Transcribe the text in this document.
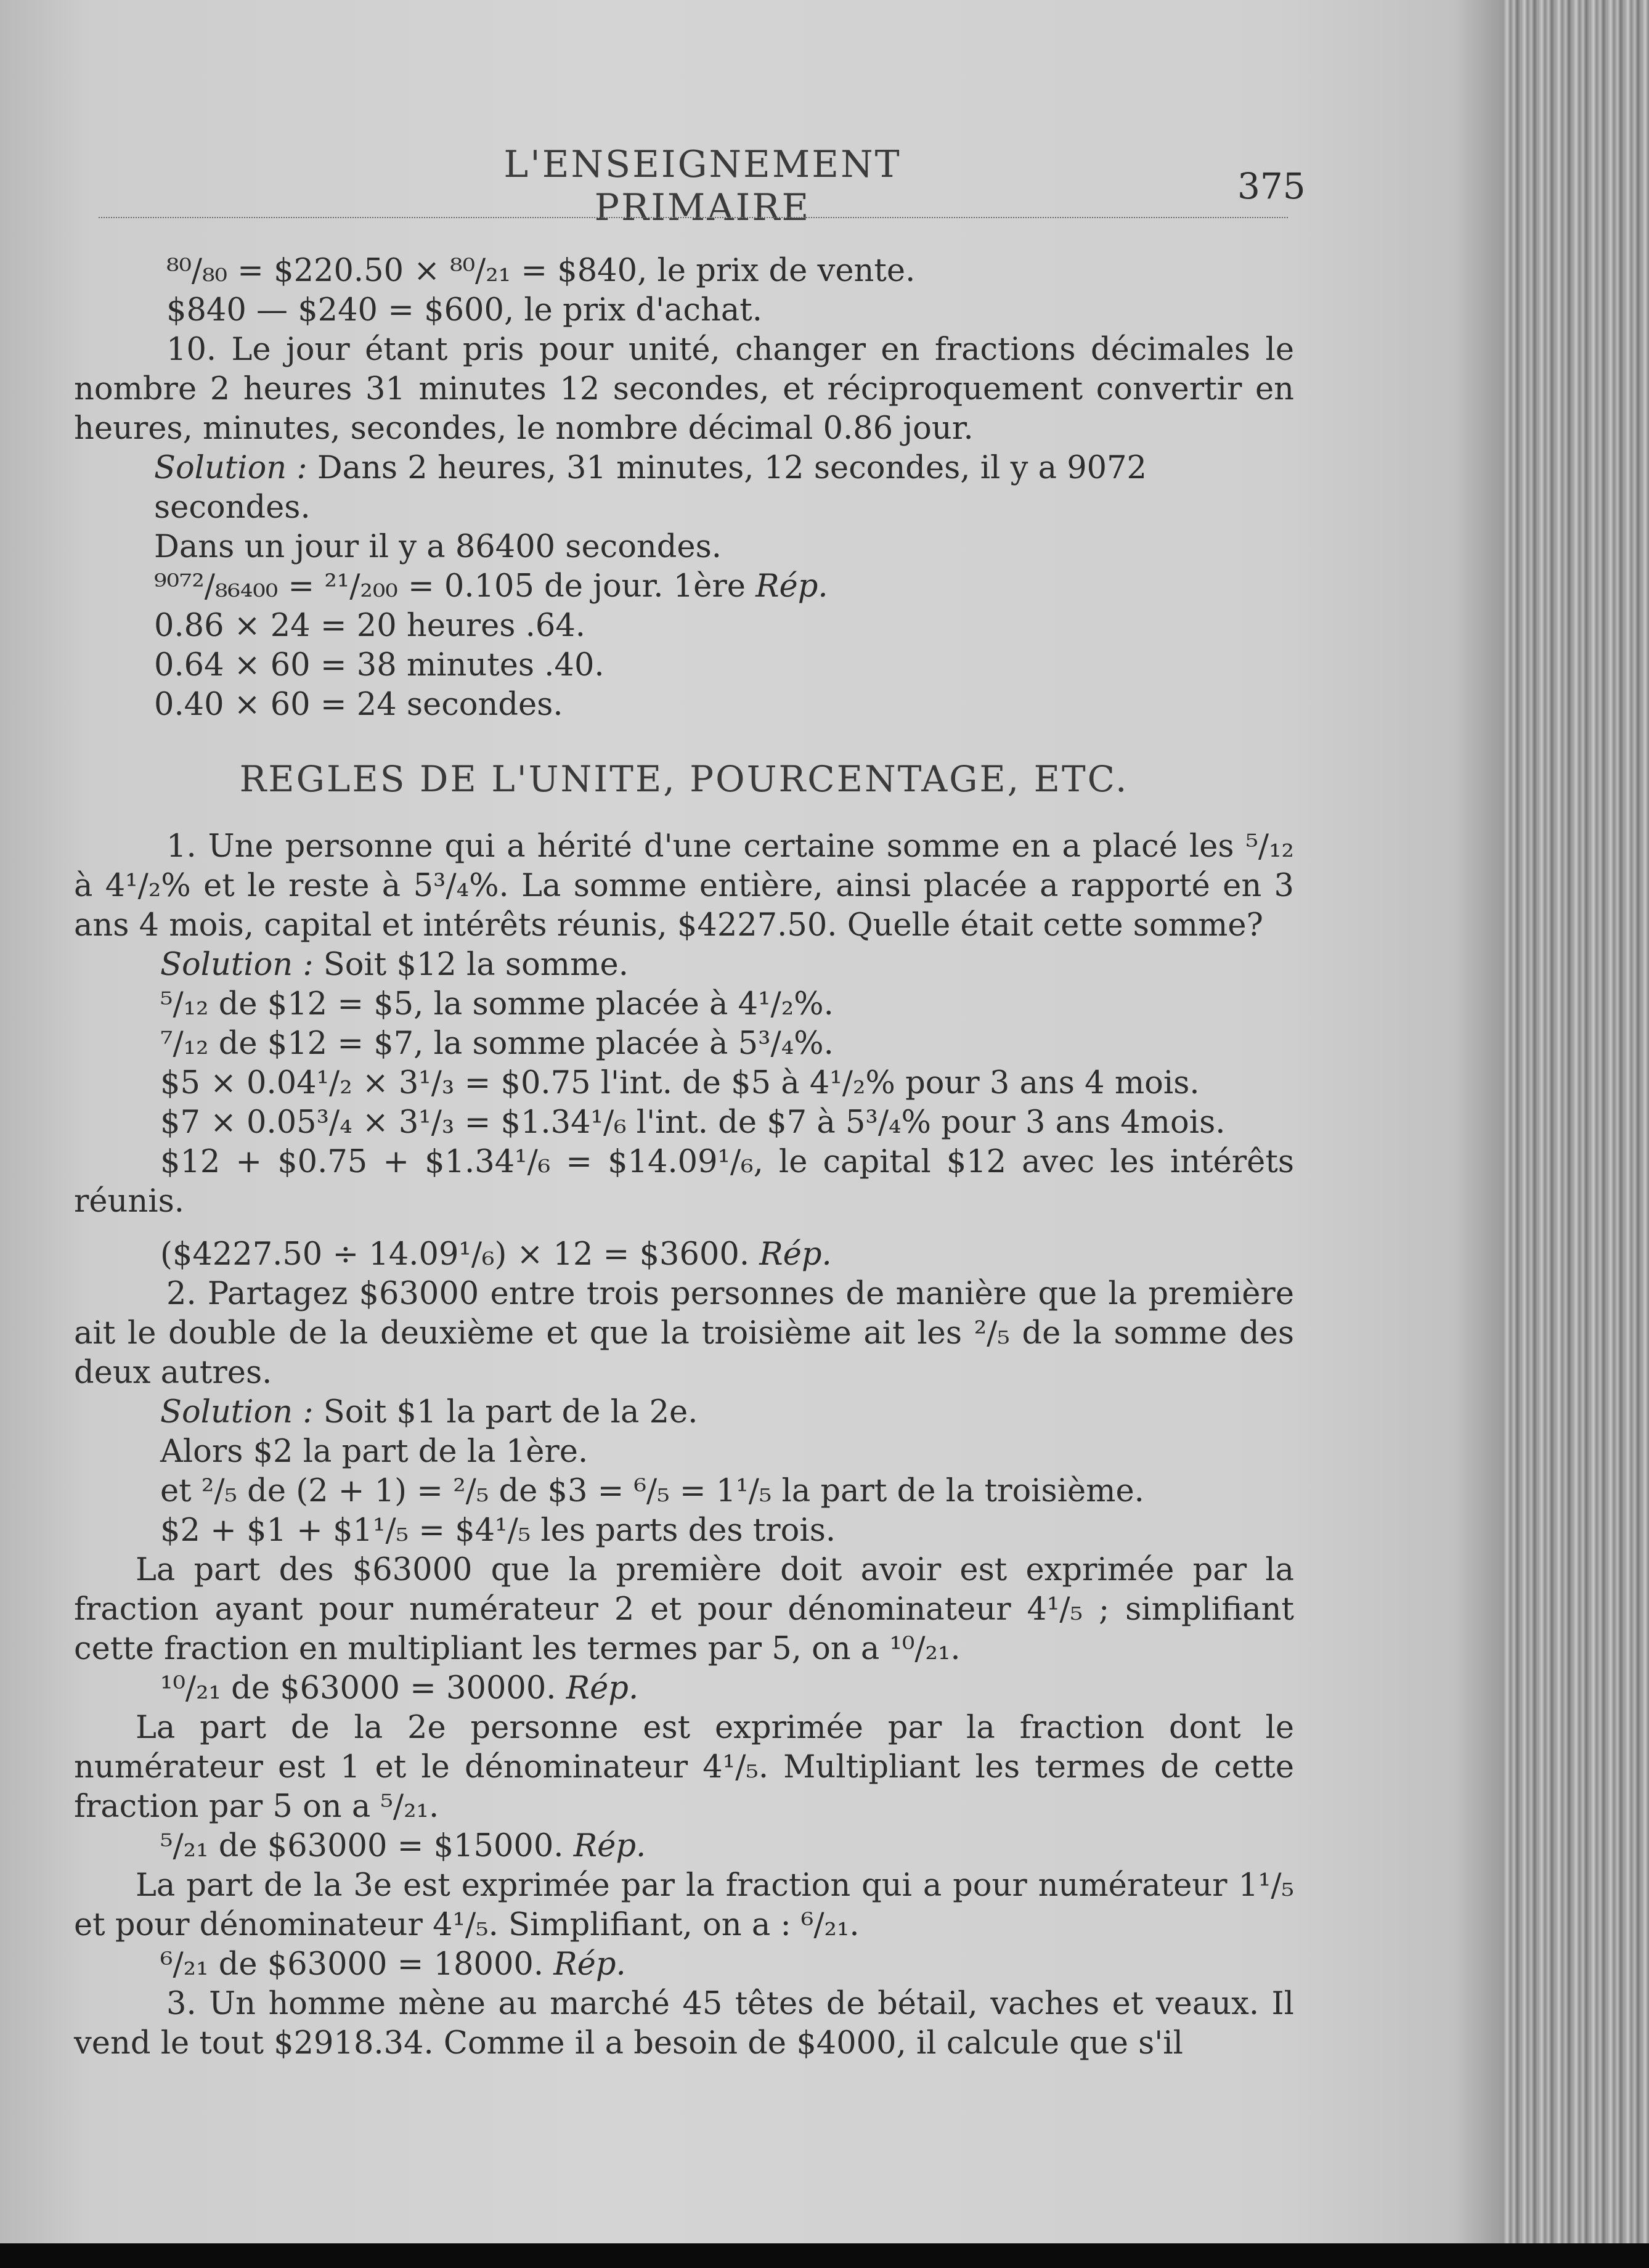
L'ENSEIGNEMENT PRIMAIRE	375
⁸⁰/₈₀ = $220.50 × ⁸⁰/₂₁ = $840, le prix de vente.
$840 — $240 = $600, le prix d'achat.

10. Le jour étant pris pour unité, changer en fractions décimales le nombre 2 heures 31 minutes 12 secondes, et réciproquement convertir en heures, minutes, secondes, le nombre décimal 0.86 jour.

Solution : Dans 2 heures, 31 minutes, 12 secondes, il y a 9072 secondes.
Dans un jour il y a 86400 secondes.
⁹⁰⁷²/₈₆₄₀₀ = ²¹/₂₀₀ = 0.105 de jour. 1ère Rép.
0.86 × 24 = 20 heures .64.
0.64 × 60 = 38 minutes .40.
0.40 × 60 = 24 secondes.
REGLES DE L'UNITE, POURCENTAGE, ETC.

1. Une personne qui a hérité d'une certaine somme en a placé les ⁵/₁₂ à 4¹/₂% et le reste à 5³/₄%. La somme entière, ainsi placée a rapporté en 3 ans 4 mois, capital et intérêts réunis, $4227.50. Quelle était cette somme?

Solution : Soit $12 la somme.
⁵/₁₂ de $12 = $5, la somme placée à 4¹/₂%.
⁷/₁₂ de $12 = $7, la somme placée à 5³/₄%.
$5 × 0.04¹/₂ × 3¹/₃ = $0.75 l'int. de $5 à 4¹/₂% pour 3 ans 4 mois.
$7 × 0.05³/₄ × 3¹/₃ = $1.34¹/₆ l'int. de $7 à 5³/₄% pour 3 ans 4mois.

$12 + $0.75 + $1.34¹/₆ = $14.09¹/₆, le capital $12 avec les intérêts réunis.

($4227.50 ÷ 14.09¹/₆) × 12 = $3600. Rép.

2. Partagez $63000 entre trois personnes de manière que la première ait le double de la deuxième et que la troisième ait les ²/₅ de la somme des deux autres.

Solution : Soit $1 la part de la 2e.
Alors $2 la part de la 1ère.
et ²/₅ de (2 + 1) = ²/₅ de $3 = ⁶/₅ = 1¹/₅ la part de la troisième.
$2 + $1 + $1¹/₅ = $4¹/₅ les parts des trois.

La part des $63000 que la première doit avoir est exprimée par la fraction ayant pour numérateur 2 et pour dénominateur 4¹/₅ ; simplifiant cette fraction en multipliant les termes par 5, on a ¹⁰/₂₁.

¹⁰/₂₁ de $63000 = 30000. Rép.

La part de la 2e personne est exprimée par la fraction dont le numérateur est 1 et le dénominateur 4¹/₅. Multipliant les termes de cette fraction par 5 on a ⁵/₂₁.

⁵/₂₁ de $63000 = $15000. Rép.

La part de la 3e est exprimée par la fraction qui a pour numérateur 1¹/₅ et pour dénominateur 4¹/₅. Simplifiant, on a : ⁶/₂₁.

⁶/₂₁ de $63000 = 18000. Rép.

3. Un homme mène au marché 45 têtes de bétail, vaches et veaux. Il vend le tout $2918.34. Comme il a besoin de $4000, il calcule que s'il
